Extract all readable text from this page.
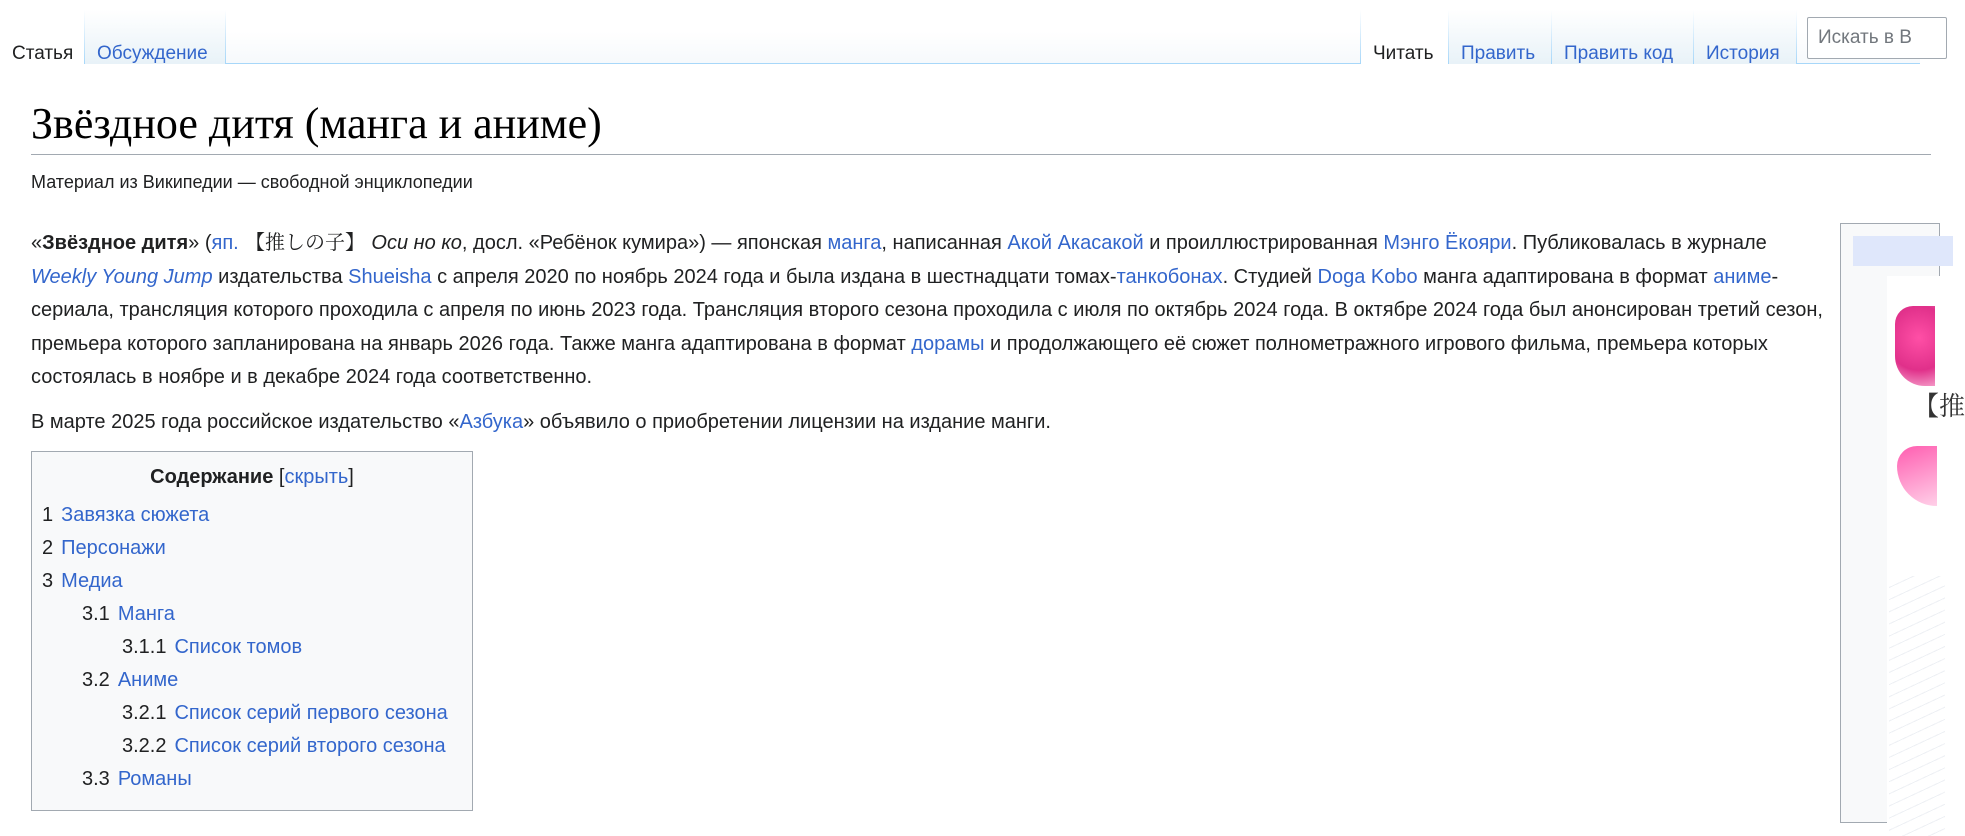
Статья	Обсуждение	Читать	Править	Править код	История
Искать в В
Звёздное дитя (манга и аниме)
Материал из Википедии — свободной энциклопедии

«Звёздное дитя» (яп. 【推しの子】 Оси но ко, досл. «Ребёнок кумира») — японская манга, написанная Акой Акасакой и проиллюстрированная Мэнго Ёкояри. Публиковалась в журнале Weekly Young Jump издательства Shueisha с апреля 2020 по ноябрь 2024 года и была издана в шестнадцати томах-танкобонах. Студией Doga Kobo манга адаптирована в формат аниме-сериала, трансляция которого проходила с апреля по июнь 2023 года. Трансляция второго сезона проходила с июля по октябрь 2024 года. В октябре 2024 года был анонсирован третий сезон, премьера которого запланирована на январь 2026 года. Также манга адаптирована в формат дорамы и продолжающего её сюжет полнометражного игрового фильма, премьера которых состоялась в ноябре и в декабре 2024 года соответственно.

В марте 2025 года российское издательство «Азбука» объявило о приобретении лицензии на издание манги.

Содержание [скрыть]
1 Завязка сюжета
2 Персонажи
3 Медиа
3.1 Манга
3.1.1 Список томов
3.2 Аниме
3.2.1 Список серий первого сезона
3.2.2 Список серий второго сезона
3.3 Романы
【推
